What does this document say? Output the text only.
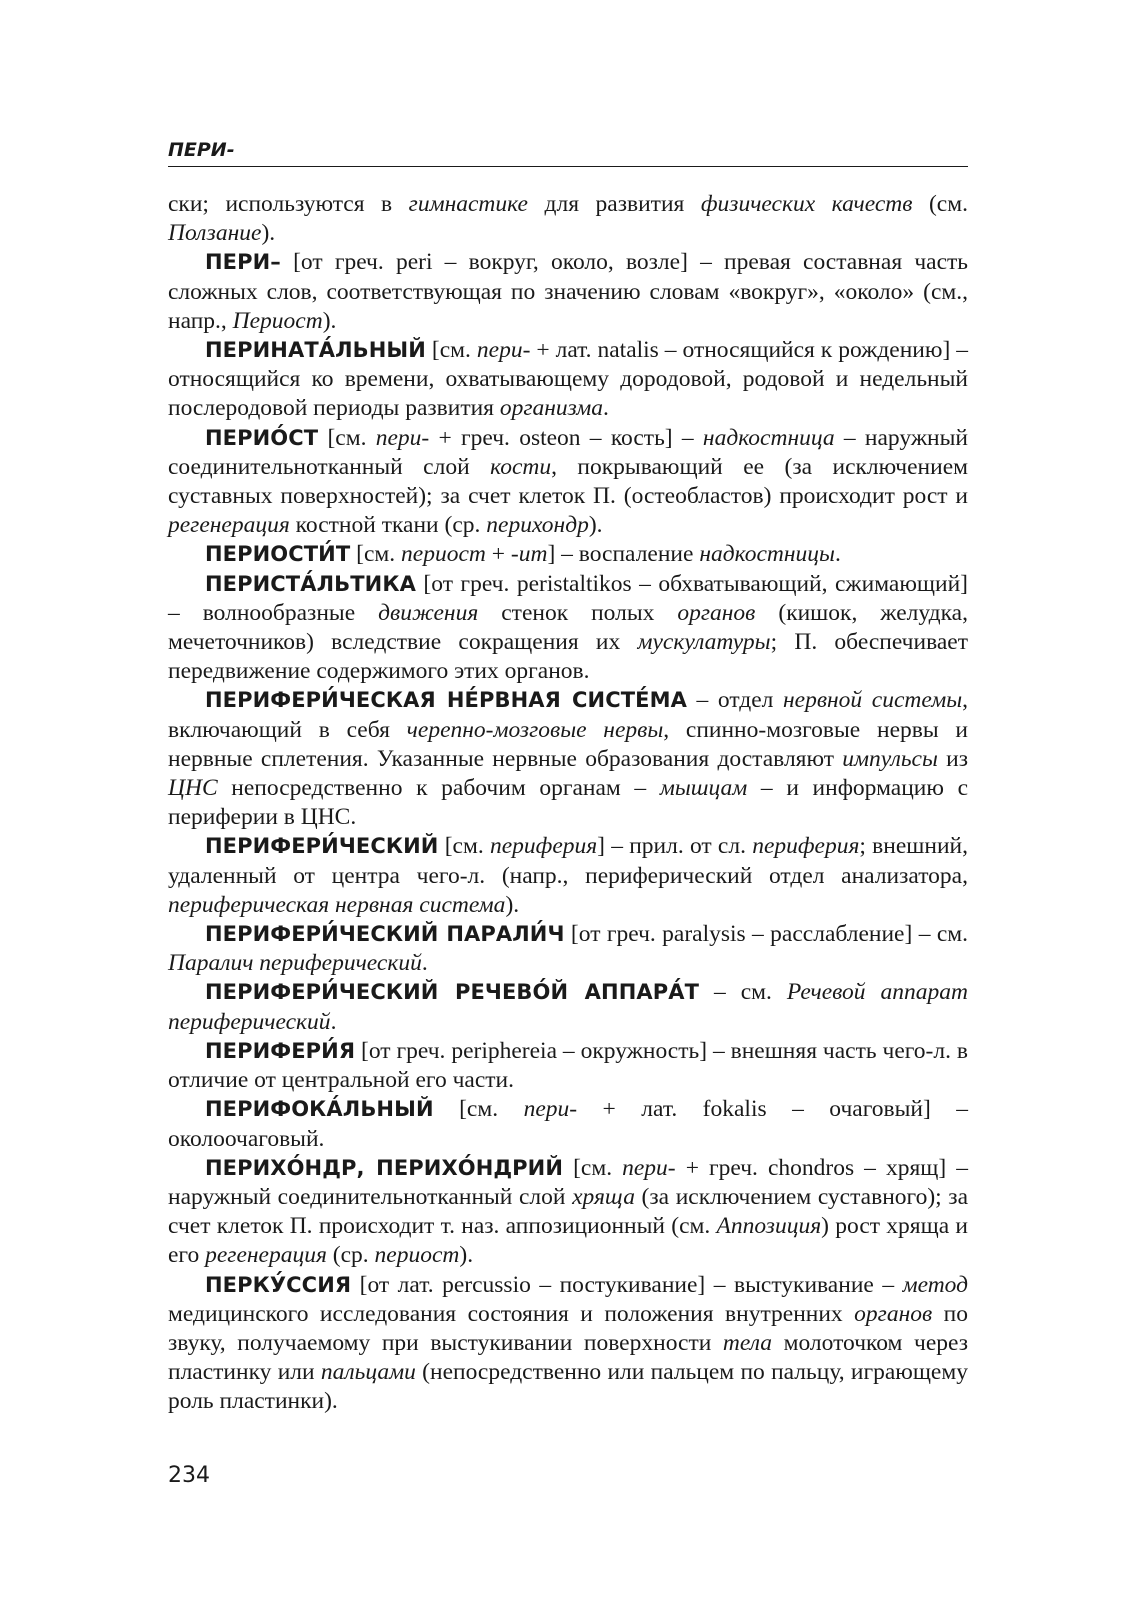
ПЕРИ-

ски; используются в гимнастике для развития физических качеств (см. Ползание).

ПЕРИ– [от греч. peri – вокруг, около, возле] – превая составная часть сложных слов, соответствующая по значению словам «вокруг», «около» (см., напр., Периост).

ПЕРИНАТА́ЛЬНЫЙ [см. пери- + лат. natalis – относящийся к рождению] – относящийся ко времени, охватывающему дородовой, родовой и недельный послеродовой периоды развития организма.

ПЕРИО́СТ [см. пери- + греч. osteon – кость] – надкостница – наружный соединительнотканный слой кости, покрывающий ее (за исключением суставных поверхностей); за счет клеток П. (остеобластов) происходит рост и регенерация костной ткани (ср. перихондр).

ПЕРИОСТИ́Т [см. периост + -ит] – воспаление надкостницы.

ПЕРИСТА́ЛЬТИКА [от греч. peristaltikos – обхватывающий, сжимающий] – волнообразные движения стенок полых органов (кишок, желудка, мечеточников) вследствие сокращения их мускулатуры; П. обеспечивает передвижение содержимого этих органов.

ПЕРИФЕРИ́ЧЕСКАЯ НЕ́РВНАЯ СИСТЕ́МА – отдел нервной системы, включающий в себя черепно-мозговые нервы, спинно-мозговые нервы и нервные сплетения. Указанные нервные образования доставляют импульсы из ЦНС непосредственно к рабочим органам – мышцам – и информацию с периферии в ЦНС.

ПЕРИФЕРИ́ЧЕСКИЙ [см. периферия] – прил. от сл. периферия; внешний, удаленный от центра чего-л. (напр., периферический отдел анализатора, периферическая нервная система).

ПЕРИФЕРИ́ЧЕСКИЙ ПАРАЛИ́Ч [от греч. paralysis – расслабление] – см. Паралич периферический.

ПЕРИФЕРИ́ЧЕСКИЙ РЕЧЕВО́Й АППАРА́Т – см. Речевой аппарат периферический.

ПЕРИФЕРИ́Я [от греч. periphereia – окружность] – внешняя часть чего-л. в отличие от центральной его части.

ПЕРИФОКА́ЛЬНЫЙ [см. пери- + лат. fokalis – очаговый] – околоочаговый.

ПЕРИХО́НДР, ПЕРИХО́НДРИЙ [см. пери- + греч. chondros – хрящ] – наружный соединительнотканный слой хряща (за исключением суставного); за счет клеток П. происходит т. наз. аппозиционный (см. Аппозиция) рост хряща и его регенерация (ср. периост).

ПЕРКУ́ССИЯ [от лат. percussio – постукивание] – выстукивание – метод медицинского исследования состояния и положения внутренних органов по звуку, получаемому при выстукивании поверхности тела молоточком через пластинку или пальцами (непосредственно или пальцем по пальцу, играющему роль пластинки).

234
